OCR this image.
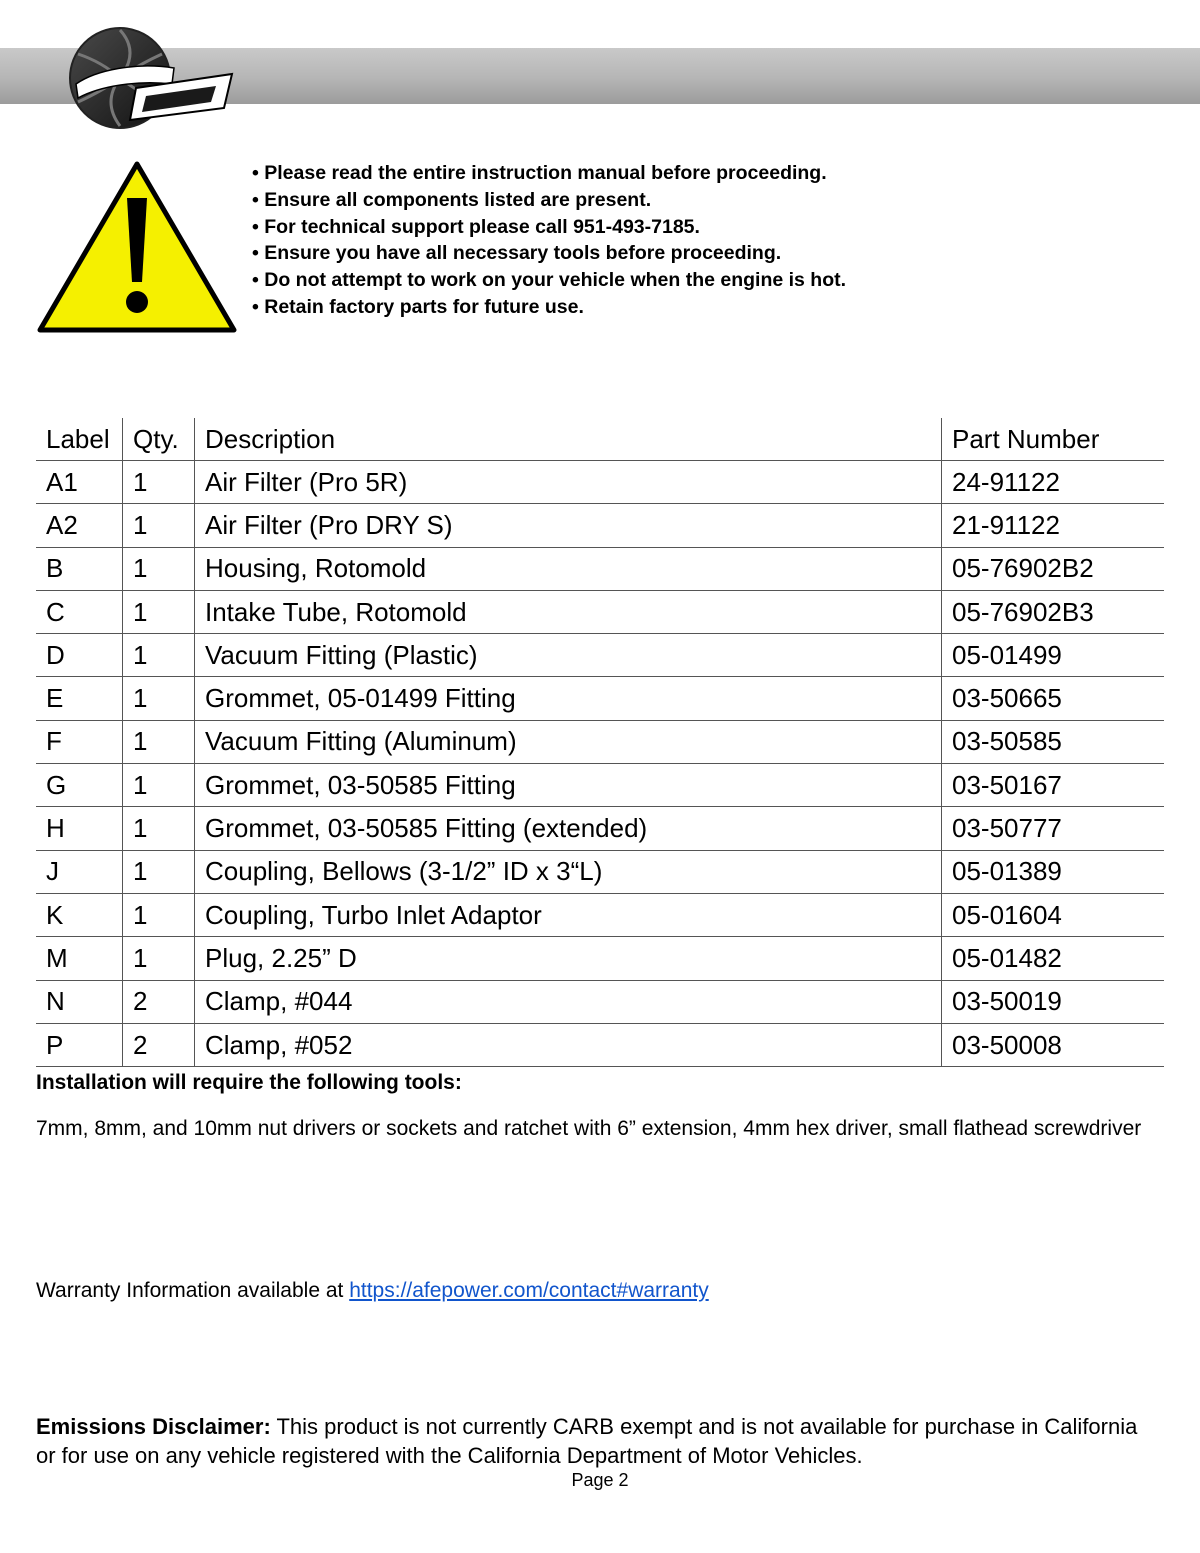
• Please read the entire instruction manual before proceeding.
• Ensure all components listed are present.
• For technical support please call 951-493-7185.
• Ensure you have all necessary tools before proceeding.
• Do not attempt to work on your vehicle when the engine is hot.
• Retain factory parts for future use.
Label	Qty.	Description	Part Number
A1	1	Air Filter (Pro 5R)	24-91122
A2	1	Air Filter (Pro DRY S)	21-91122
B	1	Housing, Rotomold	05-76902B2
C	1	Intake Tube, Rotomold	05-76902B3
D	1	Vacuum Fitting (Plastic)	05-01499
E	1	Grommet, 05-01499 Fitting	03-50665
F	1	Vacuum Fitting (Aluminum)	03-50585
G	1	Grommet, 03-50585 Fitting	03-50167
H	1	Grommet, 03-50585 Fitting (extended)	03-50777
J	1	Coupling, Bellows (3-1/2” ID x 3“L)	05-01389
K	1	Coupling, Turbo Inlet Adaptor	05-01604
M	1	Plug, 2.25” D	05-01482
N	2	Clamp, #044	03-50019
P	2	Clamp, #052	03-50008
Installation will require the following tools:
7mm, 8mm, and 10mm nut drivers or sockets and ratchet with 6” extension, 4mm hex driver, small flathead screwdriver
Warranty Information available at https://afepower.com/contact#warranty
Emissions Disclaimer: This product is not currently CARB exempt and is not available for purchase in California or for use on any vehicle registered with the California Department of Motor Vehicles.
Page 2
